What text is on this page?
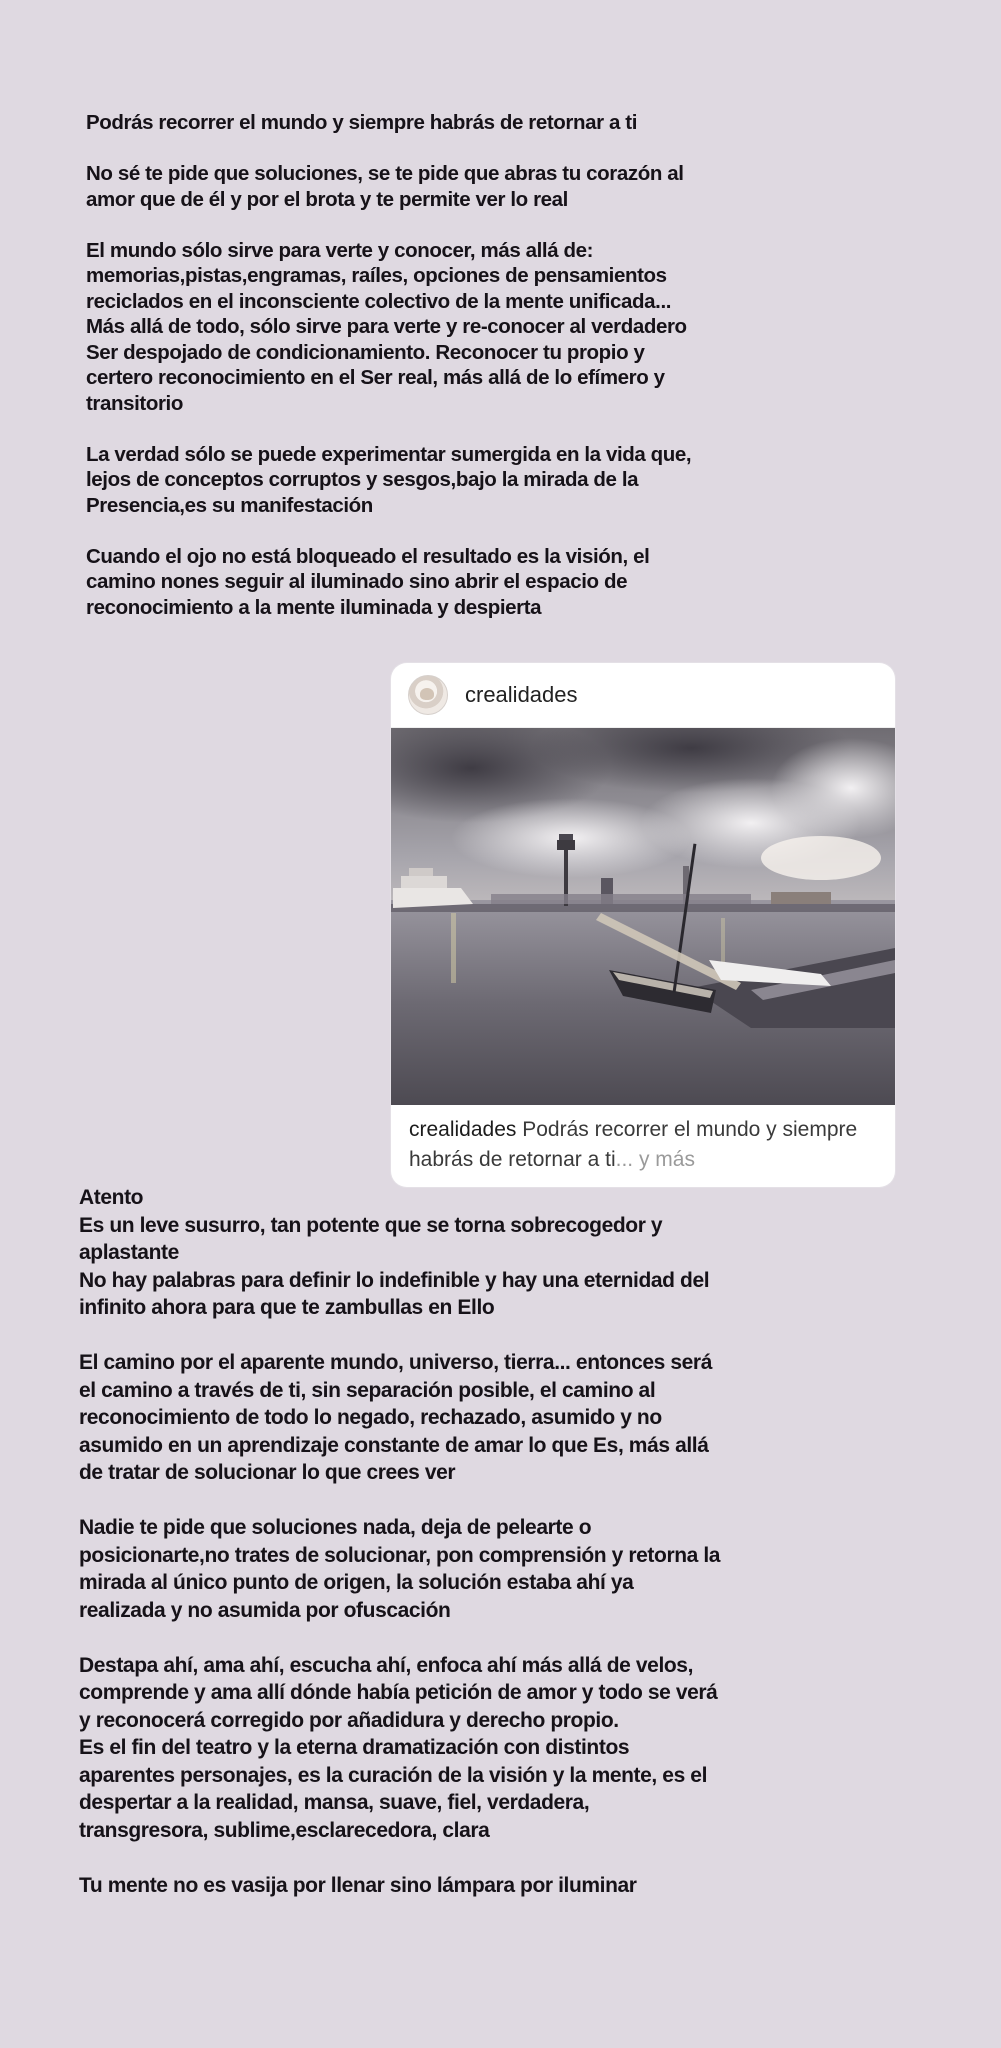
Podrás recorrer el mundo y siempre habrás de retornar a ti

No sé te pide que soluciones, se te pide que abras tu corazón al
amor que de él y por el brota y te permite ver lo real

El mundo sólo sirve para verte y conocer, más allá de:
memorias,pistas,engramas, raíles, opciones de pensamientos
reciclados en el inconsciente colectivo de la mente unificada...
Más allá de todo, sólo sirve para verte y re-conocer al verdadero
Ser despojado de condicionamiento. Reconocer tu propio y
certero reconocimiento en el Ser real, más allá de lo efímero y
transitorio

La verdad sólo se puede experimentar sumergida en la vida que,
lejos de conceptos corruptos y sesgos,bajo la mirada de la
Presencia,es su manifestación

Cuando el ojo no está bloqueado el resultado es la visión, el
camino nones seguir al iluminado sino abrir el espacio de
reconocimiento a la mente iluminada y despierta

crealidades
crealidades Podrás recorrer el mundo y siempre
habrás de retornar a ti... y más

Atento
Es un leve susurro, tan potente que se torna sobrecogedor y
aplastante
No hay palabras para definir lo indefinible y hay una eternidad del
infinito ahora para que te zambullas en Ello

El camino por el aparente mundo, universo, tierra... entonces será
el camino a través de ti, sin separación posible, el camino al
reconocimiento de todo lo negado, rechazado, asumido y no
asumido en un aprendizaje constante de amar lo que Es, más allá
de tratar de solucionar lo que crees ver

Nadie te pide que soluciones nada, deja de pelearte o
posicionarte,no trates de solucionar, pon comprensión y retorna la
mirada al único punto de origen, la solución estaba ahí ya
realizada y no asumida por ofuscación

Destapa ahí, ama ahí, escucha ahí, enfoca ahí más allá de velos,
comprende y ama allí dónde había petición de amor y todo se verá
y reconocerá corregido por añadidura y derecho propio.
Es el fin del teatro y la eterna dramatización con distintos
aparentes personajes, es la curación de la visión y la mente, es el
despertar a la realidad, mansa, suave, fiel, verdadera,
transgresora, sublime,esclarecedora, clara

Tu mente no es vasija por llenar sino lámpara por iluminar
